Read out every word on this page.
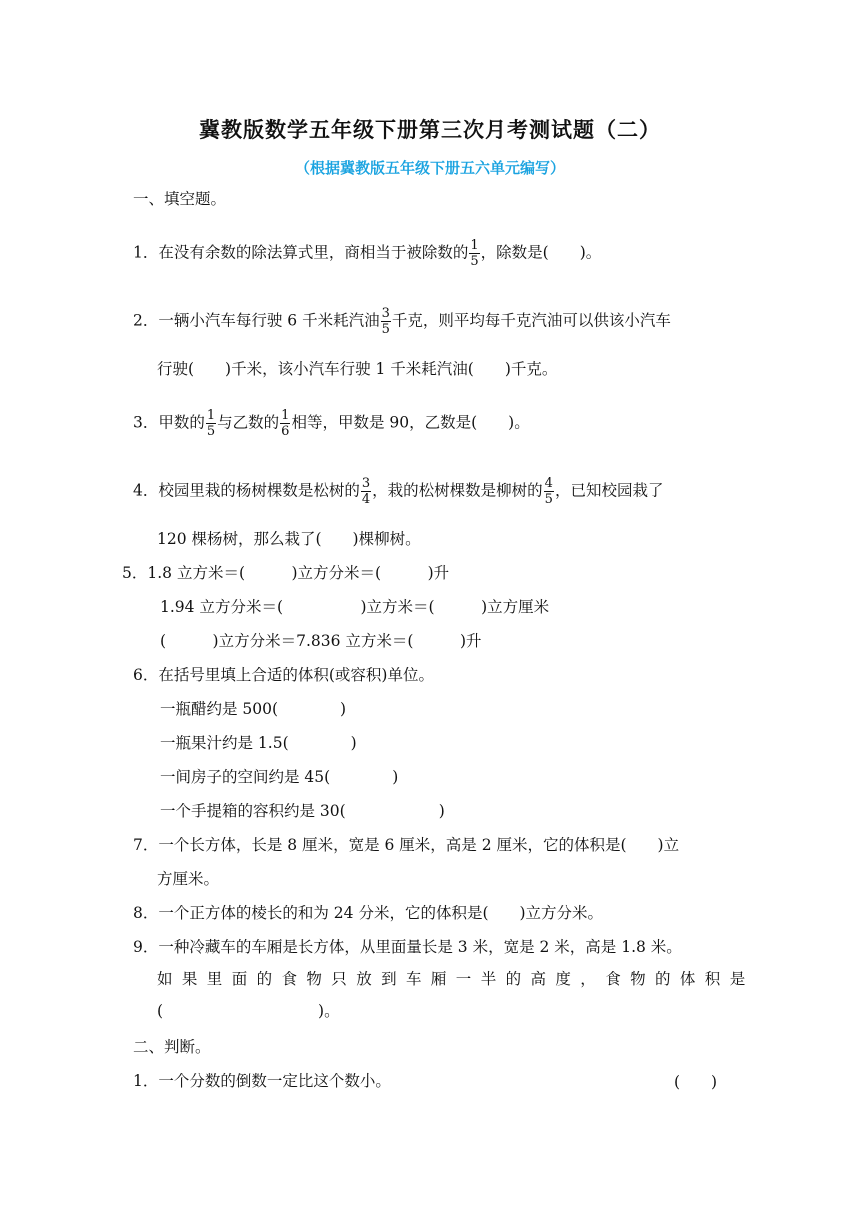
冀教版数学五年级下册第三次月考测试题（二）
（根据冀教版五年级下册五六单元编写）
一、填空题。
1．在没有余数的除法算式里，商相当于被除数的 $\frac{1}{5}$ ，除数是(　　)。
2．一辆小汽车每行驶 6 千米耗汽油 $\frac{3}{5}$ 千克，则平均每千克汽油可以供该小汽车
行驶(　　)千米，该小汽车行驶 1 千米耗汽油(　　)千克。
3．甲数的 $\frac{1}{5}$ 与乙数的 $\frac{1}{6}$ 相等，甲数是 90，乙数是(　　)。
4．校园里栽的杨树棵数是松树的 $\frac{3}{4}$ ，栽的松树棵数是柳树的 $\frac{4}{5}$ ，已知校园栽了
120 棵杨树，那么栽了(　　)棵柳树。
5．1.8 立方米＝(　　　)立方分米＝(　　　)升
1.94 立方分米＝(　　　　　)立方米＝(　　　)立方厘米
(　　　)立方分米＝7.836 立方米＝(　　　)升
6．在括号里填上合适的体积(或容积)单位。
一瓶醋约是 500(　　　　)
一瓶果汁约是 1.5(　　　　)
一间房子的空间约是 45(　　　　)
一个手提箱的容积约是 30(　　　　　　)
7．一个长方体，长是 8 厘米，宽是 6 厘米，高是 2 厘米，它的体积是(　　)立
方厘米。
8．一个正方体的棱长的和为 24 分米，它的体积是(　　)立方分米。
9．一种冷藏车的车厢是长方体，从里面量长是 3 米，宽是 2 米，高是 1.8 米。
如果里面的食物只放到车厢一半的高度，食物的体积是
(　　　　　　　　　　)。
二、判断。
1．一个分数的倒数一定比这个数小。	(　　)
